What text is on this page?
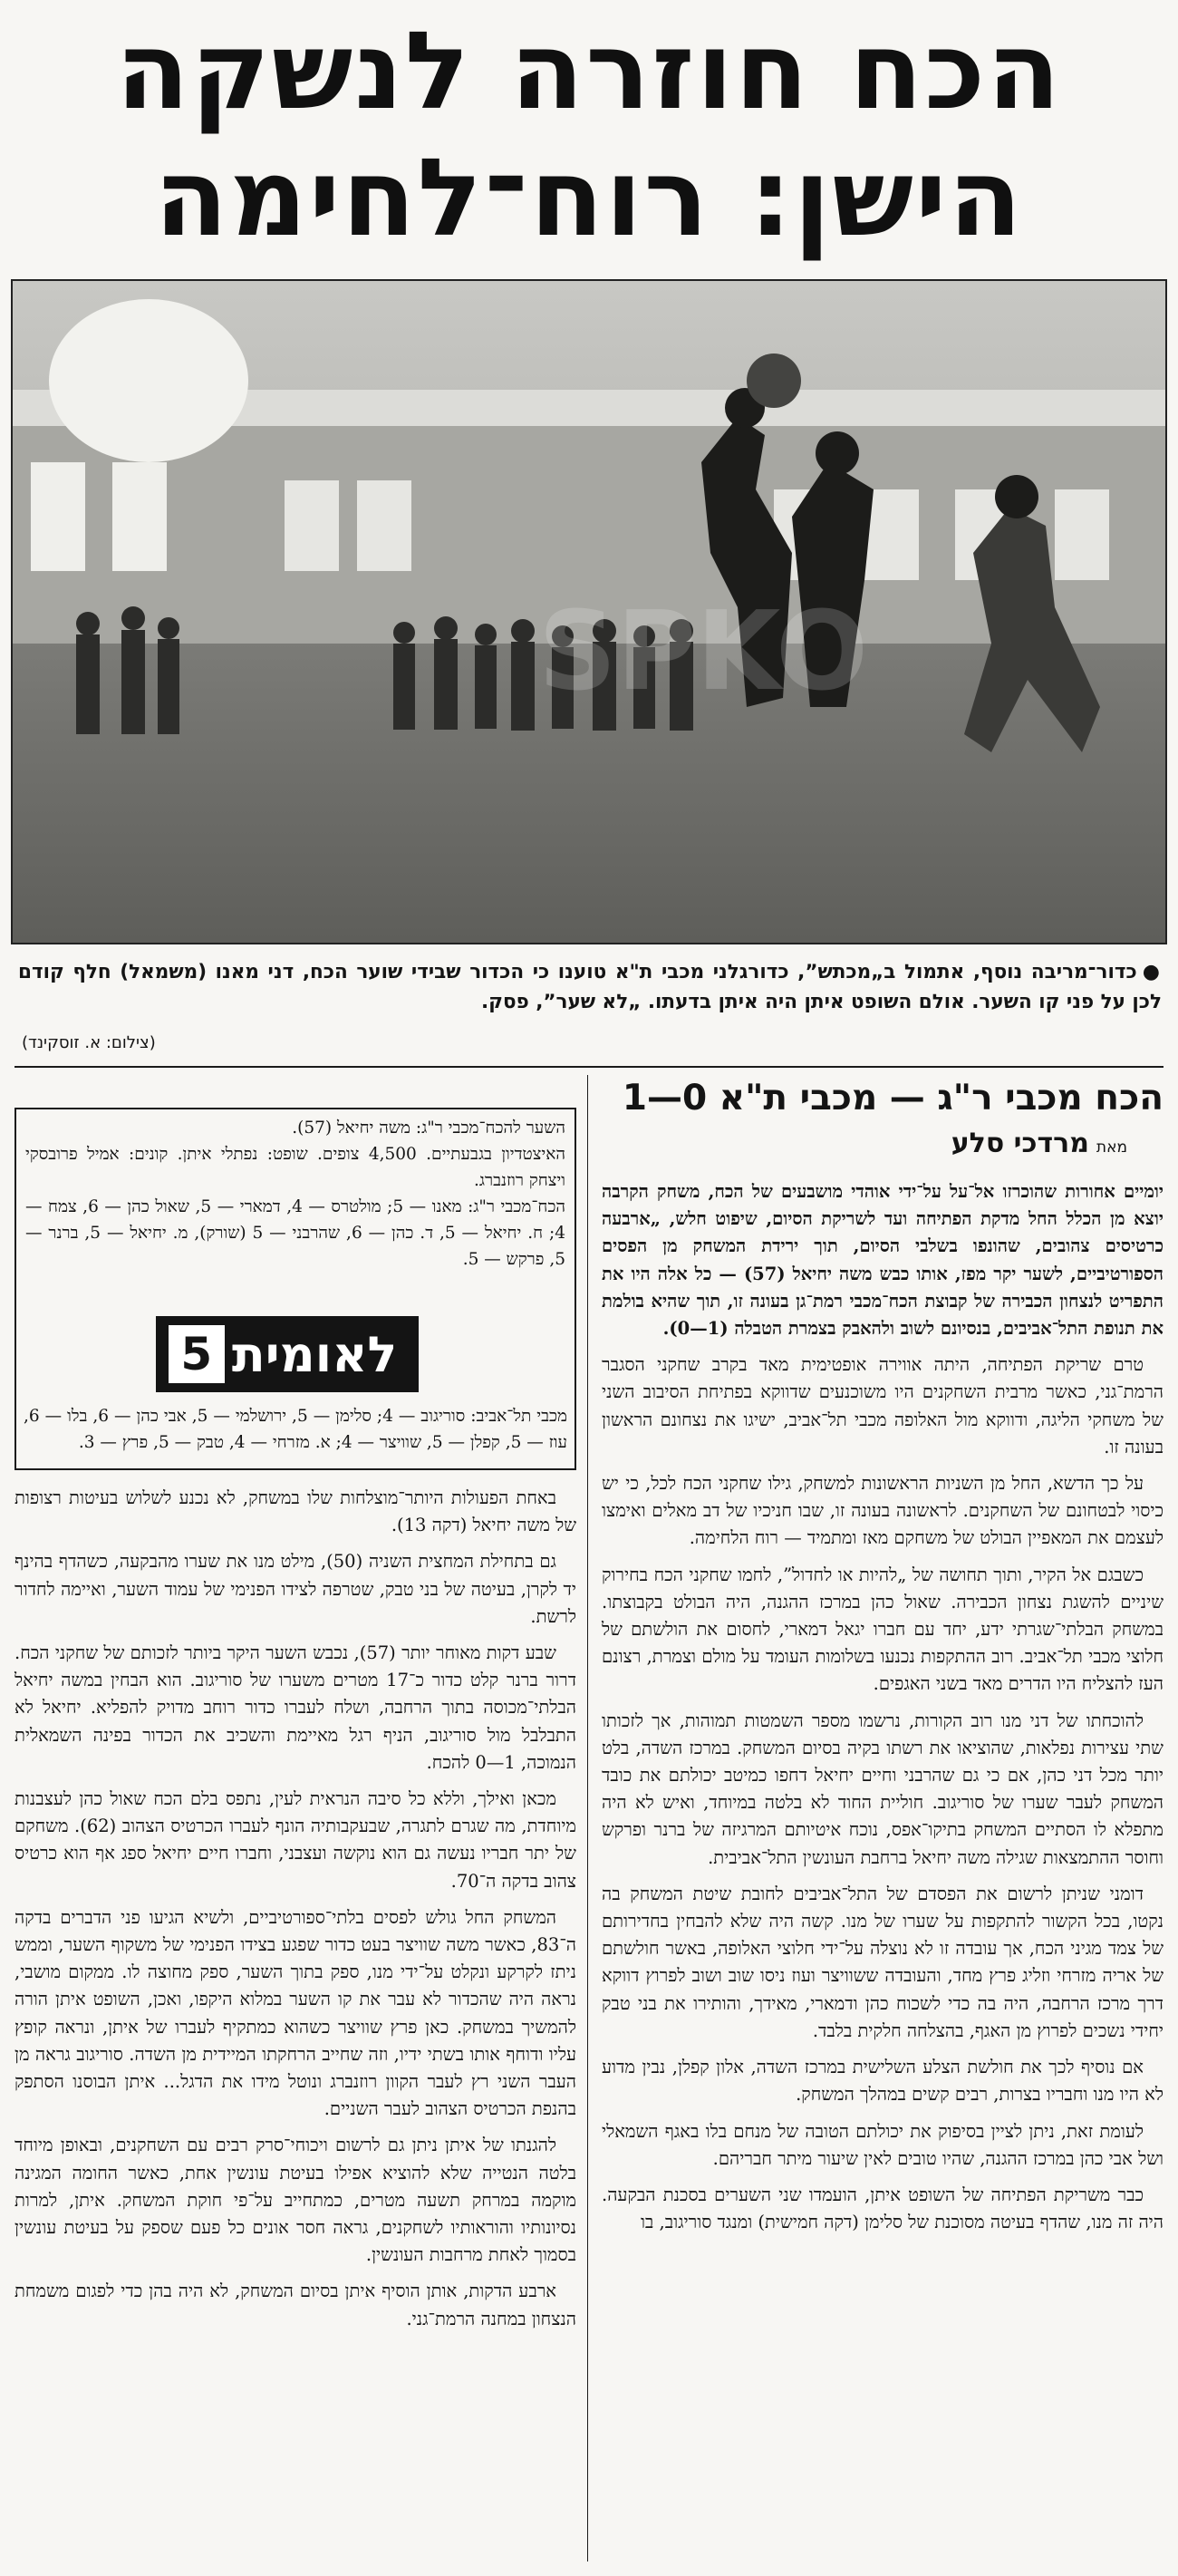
הכח חוזרה לנשקה
הישן: רוח־לחימה
SPKO
●כדור־מריבה נוסף, אתמול ב„מכתש”, כדורגלני מכבי ת"א טוענו כי הכדור שבידי שוער הכח, דני מאנו (משמאל) חלף קודם לכן על פני קו השער. אולם השופט איתן היה איתן בדעתו. „לא שער”, פסק.
(צילום: א. זוסקינד)
הכח מכבי ר"ג — מכבי ת"א 0—1
מאתמרדכי סלע

יומיים אחורות שהוכרזו אל־על על־ידי אוהדי מושבעים של הכח, משחק הקרבה יוצא מן הכלל החל מדקת הפתיחה ועד לשריקת הסיום, שיפוט חלש, „ארבעה כרטיסים צהובים, שהונפו בשלבי הסיום, תוך ירידת המשחק מן הפסים הספורטיביים, לשער יקר מפז, אותו כבש משה יחיאל (57) — כל אלה היו את התפריט לנצחון הכבירה של קבוצת הכח־מכבי רמת־גן בעונה זו, תוך שהיא בולמת את תנופת התל־אביבים, בנסיונם לשוב ולהאבק בצמרת הטבלה (1—0).

טרם שריקת הפתיחה, היתה אווירה אופטימית מאד בקרב שחקני הסגבר הרמת־גני, כאשר מרבית השחקנים היו משוכנעים שדווקא בפתיחת הסיבוב השני של משחקי הליגה, ודווקא מול האלופה מכבי תל־אביב, ישיגו את נצחונם הראשון בעונה זו.

על כך הדשא, החל מן השניות הראשונות למשחק, גילו שחקני הכח לכל, כי יש כיסוי לבטחונם של השחקנים. לראשונה בעונה זו, שבו חניכיו של דב מאלים ואימצו לעצמם את המאפיין הבולט של משחקם מאז ומתמיד — רוח הלחימה.

כשבגם אל הקיר, ותוך תחושה של „להיות או לחדול”, לחמו שחקני הכח בחירוק שיניים להשגת נצחון הכבירה. שאול כהן במרכז ההגנה, היה הבולט בקבוצתו. במשחק הבלתי־שגרתי ידע, יחד עם חברו יגאל דמארי, לחסום את הולשתם של חלוצי מכבי תל־אביב. רוב ההתקפות נכנעו בשלומות העומד על מולם וצמרת, רצונם העז להצליח היו הדרים מאד בשני האגפים.

להוכחתו של דני מנו רוב הקורות, נרשמו מספר השמטות תמוהות, אך לזכותו שתי עצירות נפלאות, שהוציאו את רשתו בקיה בסיום המשחק. במרכז השדה, בלט יותר מכל דני כהן, אם כי גם שהרבני וחיים יחיאל דחפו כמיטב יכולתם את כובד המשחק לעבר שערו של סוריגוב. חוליית החוד לא בלטה במיוחד, ואיש לא היה מתפלא לו הסתיים המשחק בתיקו־אפס, נוכח איטיותם המרגיזה של ברנר ופרקש וחוסר ההתמצאות שגילה משה יחיאל ברחבת העונשין התל־אביבית.

דומני שניתן לרשום את הפסדם של התל־אביבים לחובת שיטת המשחק בה נקטו, בכל הקשור להתקפות על שערו של מנו. קשה היה שלא להבחין בחדירותם של צמד מגיני הכח, אך עובדה זו לא נוצלה על־ידי חלוצי האלופה, באשר חולשתם של אריה מזרחי וזליג פרץ מחד, והעובדה ששוויצר ועוז ניסו שוב ושוב לפרוץ דווקא דרך מרכז הרחבה, היה בה כדי לשכוח כהן ודמארי, מאידך, והותירו את בני טבק יחידי נשכים לפרוץ מן האגף, בהצלחה חלקית בלבד.

אם נוסיף לכך את חולשת הצלע השלישית במרכז השדה, אלון קפלן, נבין מדוע לא היו מנו וחבריו בצרות, רבים קשים במהלך המשחק.

לעומת זאת, ניתן לציין בסיפוק את יכולתם הטובה של מנחם בלו באגף השמאלי ושל אבי כהן במרכז ההגנה, שהיו טובים לאין שיעור מיתר חבריהם.

כבר משריקת הפתיחה של השופט איתן, הועמדו שני השערים בסכנת הבקעה. היה זה מנו, שהדף בעיטה מסוכנת של סלימן (דקה חמישית) ומנגד סוריגוב, בו

השער להכח־מכבי ר"ג: משה יחיאל (57).

האיצטדיון בגבעתיים. 4,500 צופים. שופט: נפתלי איתן. קונים: אמיל פרובסקי ויצחק רוזנברג.

הכח־מכבי ר"ג: מאנו — 5; מולטרס — 4, דמארי — 5, שאול כהן — 6, צמח — 4; ח. יחיאל — 5, ד. כהן — 6, שהרבני — 5 (שורק), מ. יחיאל — 5, ברנר — 5, פרקש — 5.

לאומית
5

מכבי תל־אביב: סוריגוב — 4; סלימן — 5, ירושלמי — 5, אבי כהן — 6, בלו — 6, עוז — 5, קפלן — 5, שוויצר — 4; א. מזרחי — 4, טבק — 5, פרץ — 3.

באחת הפעולות היותר־מוצלחות שלו במשחק, לא נכנע לשלוש בעיטות רצופות של משה יחיאל (דקה 13).

גם בתחילת המחצית השניה (50), מילט מנו את שערו מהבקעה, כשהדף בהינף יד לקרן, בעיטה של בני טבק, שטרפה לצידו הפנימי של עמוד השער, ואיימה לחדור לרשת.

שבע דקות מאוחר יותר (57), נכבש השער היקר ביותר לזכותם של שחקני הכח. דרור ברנר קלט כדור כ־17 מטרים משערו של סוריגוב. הוא הבחין במשה יחיאל הבלתי־מכוסה בתוך הרחבה, ושלח לעברו כדור רוחב מדויק להפליא. יחיאל לא התבלבל מול סוריגוב, הניף רגל מאיימת והשכיב את הכדור בפינה השמאלית הנמוכה, 1—0 להכח.

מכאן ואילך, וללא כל סיבה הנראית לעין, נתפס בלם הכח שאול כהן לעצבנות מיוחדת, מה שגרם לתגרה, שבעקבותיה הונף לעברו הכרטיס הצהוב (62). משחקם של יתר חבריו נעשה גם הוא נוקשה ועצבני, וחברו חיים יחיאל ספג אף הוא כרטיס צהוב בדקה ה־70.

המשחק החל גולש לפסים בלתי־ספורטיביים, ולשיא הגיעו פני הדברים בדקה ה־83, כאשר משה שוויצר בעט כדור שפגע בצידו הפנימי של משקוף השער, וממש ניתז לקרקע ונקלט על־ידי מנו, ספק בתוך השער, ספק מחוצה לו. ממקום מושבי, נראה היה שהכדור לא עבר את קו השער במלוא היקפו, ואכן, השופט איתן הורה להמשיך במשחק. כאן פרץ שוויצר כשהוא כמתקיף לעברו של איתן, ונראה קופץ עליו ודוחף אותו בשתי ידיו, וזה שחייב הרחקתו המיידית מן השדה. סוריגוב גראה מן העבר השני רץ לעבר הקוון רוזנברג ונוטל מידו את הדגל... איתן הבוסנו הסתפק בהנפת הכרטיס הצהוב לעבר השניים.

להגנתו של איתן ניתן גם לרשום ויכוחי־סרק רבים עם השחקנים, ובאופן מיוחד בלטה הנטייה שלא להוציא אפילו בעיטת עונשין אחת, כאשר החומה המגינה מוקמה במרחק תשעה מטרים, כמתחייב על־פי חוקת המשחק. איתן, למרות נסיונותיו והוראותיו לשחקנים, גראה חסר אונים כל פעם שספק על בעיטת עונשין בסמוך לאחת מרחבות העונשין.

ארבע הדקות, אותן הוסיף איתן בסיום המשחק, לא היה בהן כדי לפגום משמחת הנצחון במחנה הרמת־גני.
